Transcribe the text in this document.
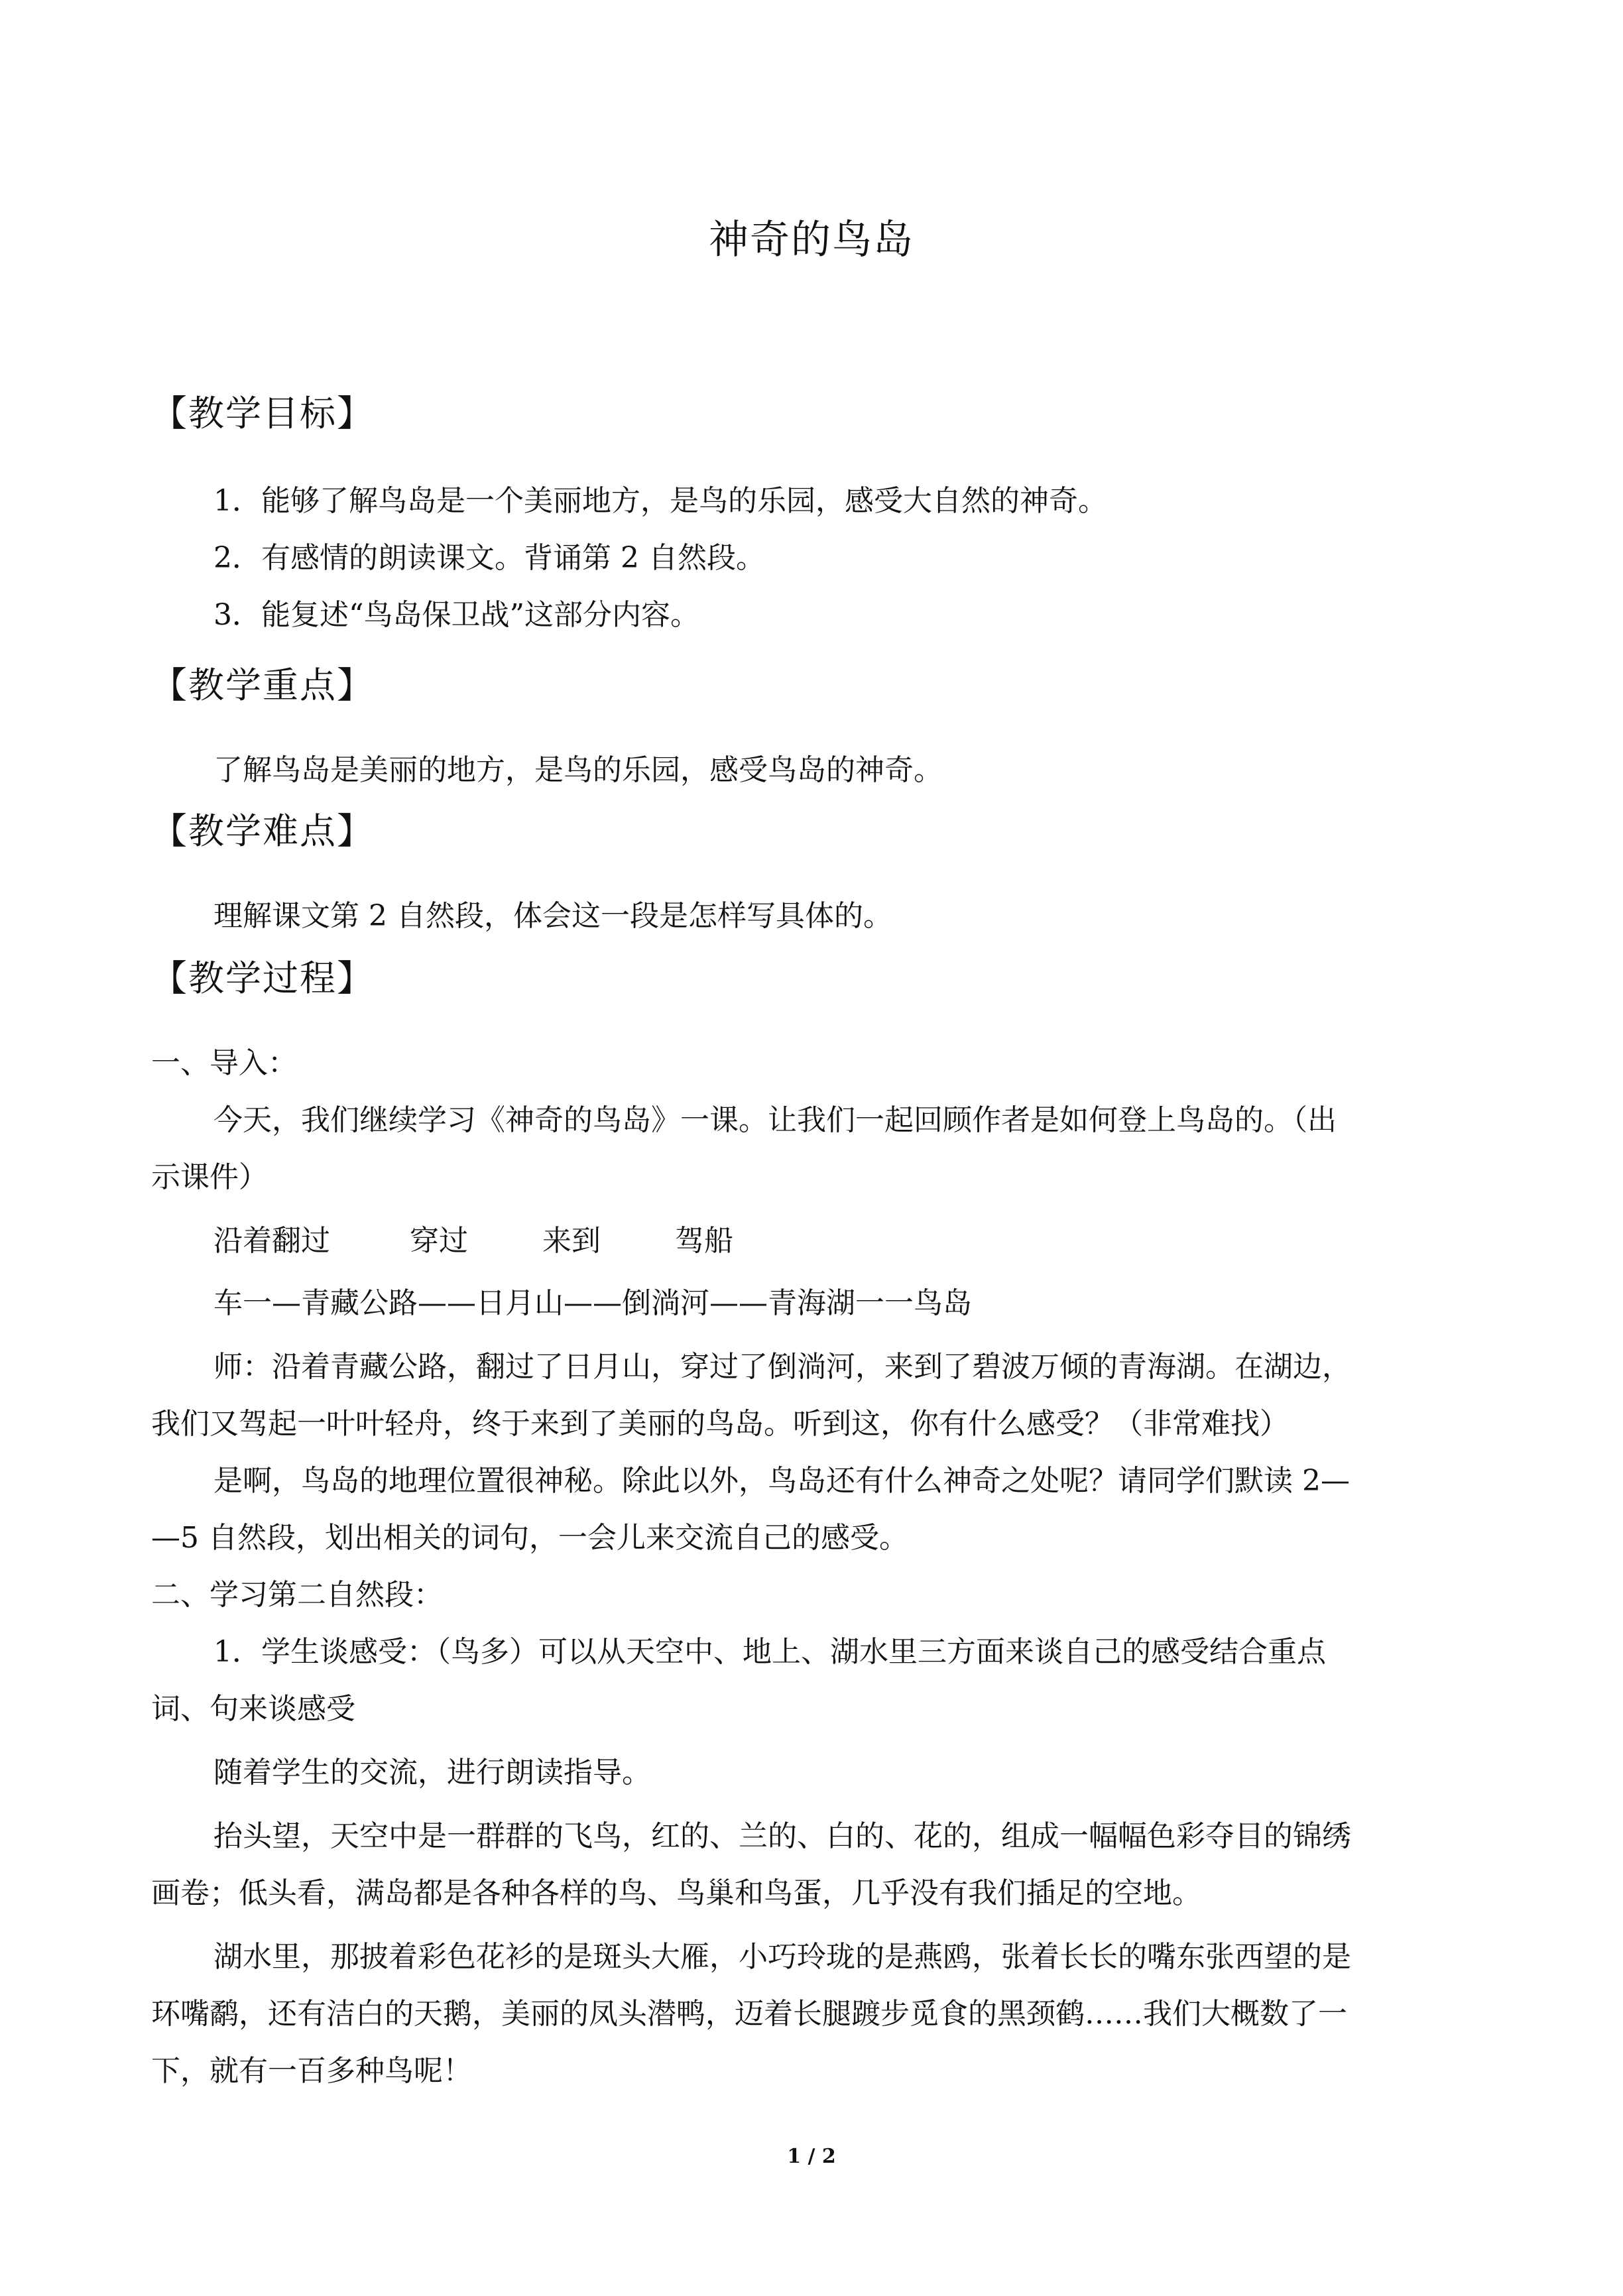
神奇的鸟岛
【教学目标】
1．能够了解鸟岛是一个美丽地方，是鸟的乐园，感受大自然的神奇。
2．有感情的朗读课文。背诵第 2 自然段。
3．能复述“鸟岛保卫战”这部分内容。
【教学重点】
了解鸟岛是美丽的地方，是鸟的乐园，感受鸟岛的神奇。
【教学难点】
理解课文第 2 自然段，体会这一段是怎样写具体的。
【教学过程】
一、导入：
今天，我们继续学习《神奇的鸟岛》一课。让我们一起回顾作者是如何登上鸟岛的。（出
示课件）
沿着翻过	穿过	来到	驾船
车一—青藏公路——日月山——倒淌河——青海湖一一鸟岛
师：沿着青藏公路，翻过了日月山，穿过了倒淌河，来到了碧波万倾的青海湖。在湖边，
我们又驾起一叶叶轻舟，终于来到了美丽的鸟岛。听到这，你有什么感受？（非常难找）
是啊，鸟岛的地理位置很神秘。除此以外，鸟岛还有什么神奇之处呢？请同学们默读 2—
—5 自然段，划出相关的词句，一会儿来交流自己的感受。
二、学习第二自然段：
1．学生谈感受：（鸟多）可以从天空中、地上、湖水里三方面来谈自己的感受结合重点
词、句来谈感受
随着学生的交流，进行朗读指导。
抬头望，天空中是一群群的飞鸟，红的、兰的、白的、花的，组成一幅幅色彩夺目的锦绣
画卷；低头看，满岛都是各种各样的鸟、鸟巢和鸟蛋，几乎没有我们插足的空地。
湖水里，那披着彩色花衫的是斑头大雁，小巧玲珑的是燕鸥，张着长长的嘴东张西望的是
环嘴鹬，还有洁白的天鹅，美丽的凤头潜鸭，迈着长腿踱步觅食的黑颈鹤……我们大概数了一
下，就有一百多种鸟呢！
1 / 2
